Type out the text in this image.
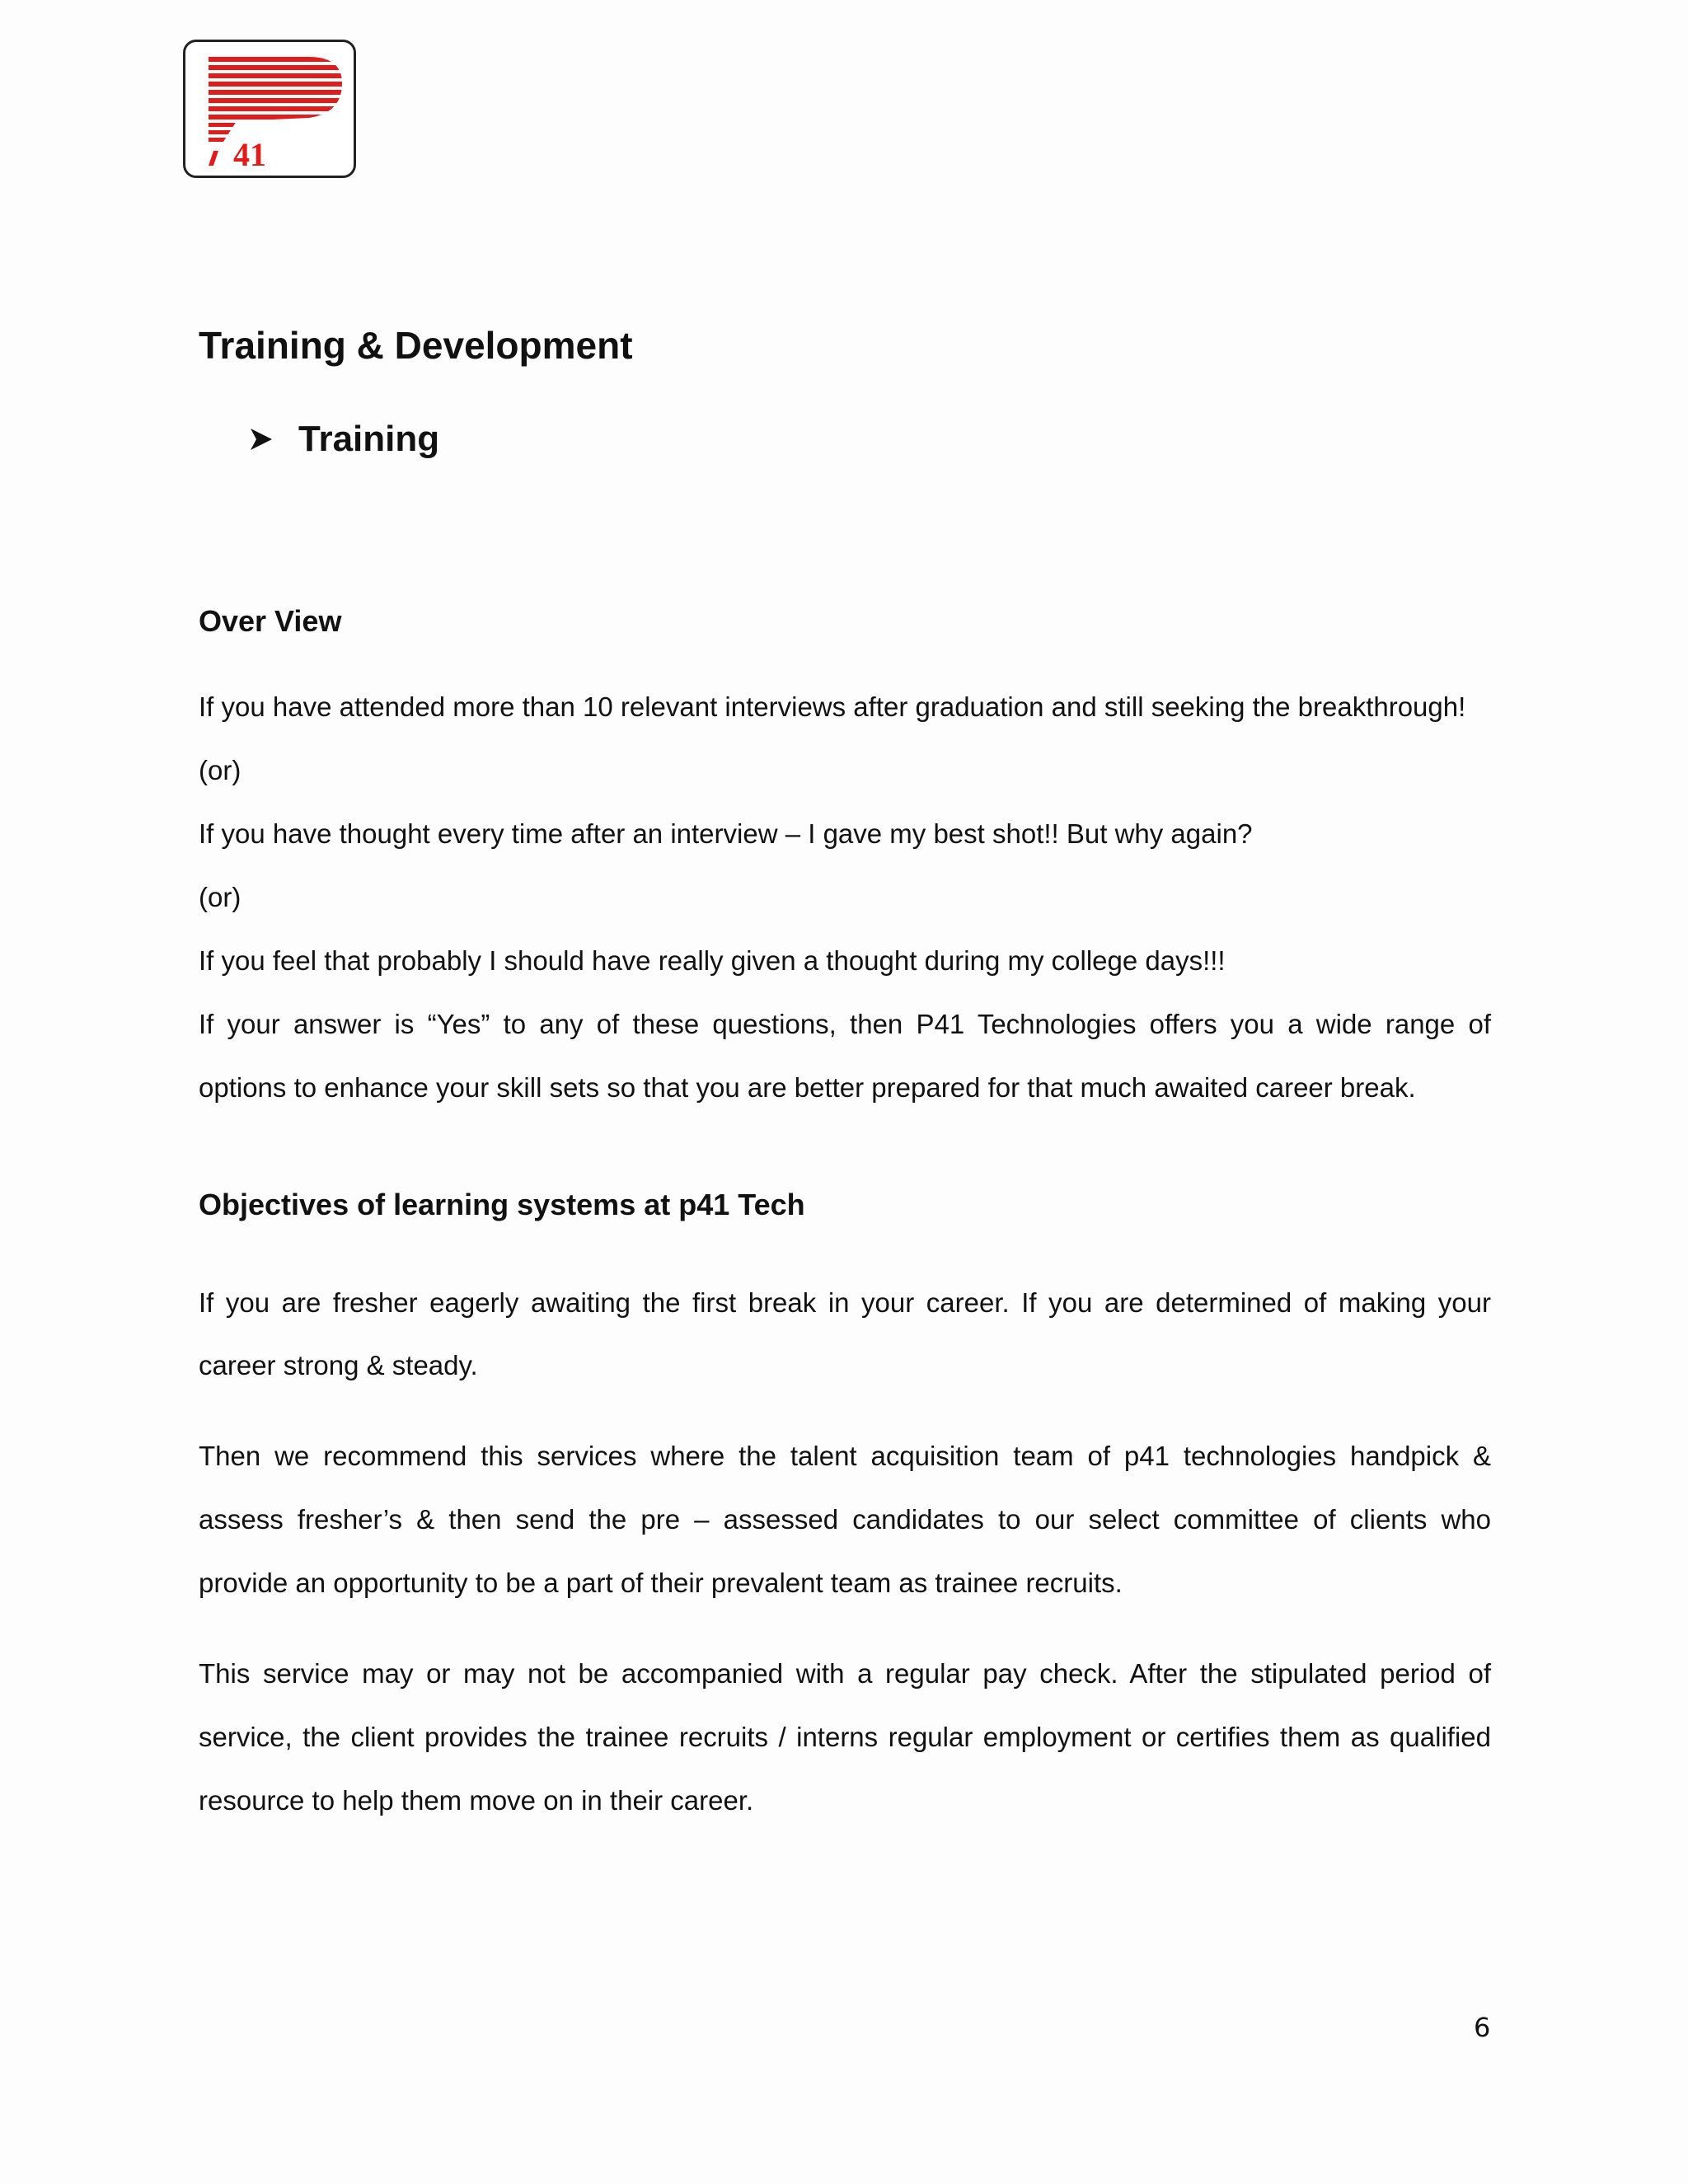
41
Training & Development
Training
Over View

If you have attended more than 10 relevant interviews after graduation and still seeking the breakthrough!

(or)

If you have thought every time after an interview – I gave my best shot!! But why again?

(or)

If you feel that probably I should have really given a thought during my college days!!!

If your answer is “Yes” to any of these questions, then P41 Technologies offers you a wide range of

options to enhance your skill sets so that you are better prepared for that much awaited career break.

Objectives of learning systems at p41 Tech

If you are fresher eagerly awaiting the first break in your career. If you are determined of making your

career strong & steady.

Then we recommend this services where the talent acquisition team of p41 technologies handpick &

assess fresher’s & then send the pre – assessed candidates to our select committee of clients who

provide an opportunity to be a part of their prevalent team as trainee recruits.

This service may or may not be accompanied with a regular pay check. After the stipulated period of

service, the client provides the trainee recruits / interns regular employment or certifies them as qualified

resource to help them move on in their career.

6
